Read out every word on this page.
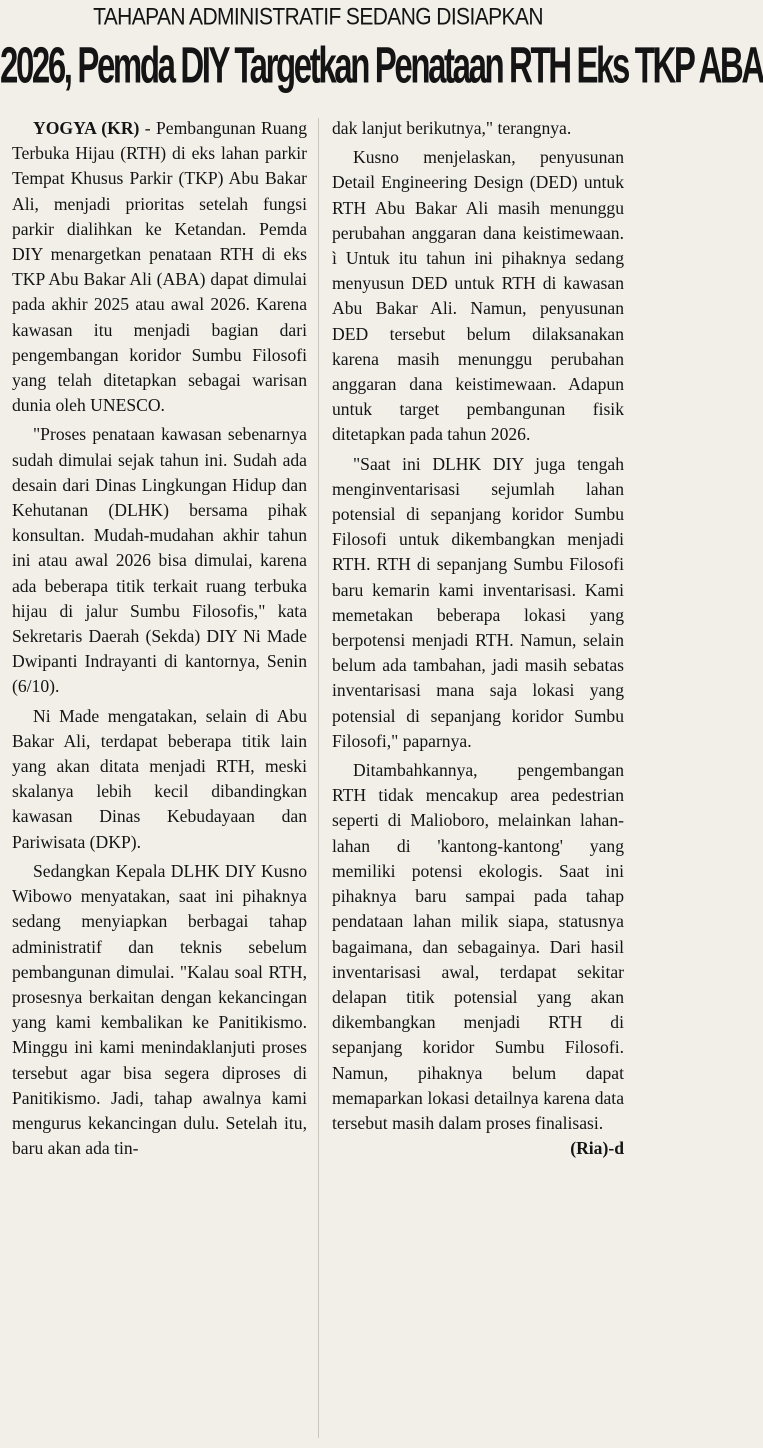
TAHAPAN ADMINISTRATIF SEDANG DISIAPKAN
2026, Pemda DIY Targetkan Penataan RTH Eks TKP ABA

YOGYA (KR) - Pembangunan Ruang Terbuka Hijau (RTH) di eks lahan parkir Tempat Khusus Parkir (TKP) Abu Bakar Ali, menjadi prioritas setelah fungsi parkir dialihkan ke Ketandan. Pemda DIY menargetkan penataan RTH di eks TKP Abu Bakar Ali (ABA) dapat dimulai pada akhir 2025 atau awal 2026. Karena kawasan itu menjadi bagian dari pengembangan koridor Sumbu Filosofi yang telah ditetapkan sebagai warisan dunia oleh UNESCO.

"Proses penataan kawasan sebenarnya sudah dimulai sejak tahun ini. Sudah ada desain dari Dinas Lingkungan Hidup dan Kehutanan (DLHK) bersama pihak konsultan. Mudah-mudahan akhir tahun ini atau awal 2026 bisa dimulai, karena ada beberapa titik terkait ruang terbuka hijau di jalur Sumbu Filosofis," kata Sekretaris Daerah (Sekda) DIY Ni Made Dwipanti Indrayanti di kantornya, Senin (6/10).

Ni Made mengatakan, selain di Abu Bakar Ali, terdapat beberapa titik lain yang akan ditata menjadi RTH, meski skalanya lebih kecil dibandingkan kawasan Dinas Kebudayaan dan Pariwisata (DKP).

Sedangkan Kepala DLHK DIY Kusno Wibowo menyatakan, saat ini pihaknya sedang menyiapkan berbagai tahap administratif dan teknis sebelum pembangunan dimulai. "Kalau soal RTH, prosesnya berkaitan dengan kekancingan yang kami kembalikan ke Panitikismo. Minggu ini kami menindaklanjuti proses tersebut agar bisa segera diproses di Panitikismo. Jadi, tahap awalnya kami mengurus kekancingan dulu. Setelah itu, baru akan ada tin-

dak lanjut berikutnya," terangnya.

Kusno menjelaskan, penyusunan Detail Engineering Design (DED) untuk RTH Abu Bakar Ali masih menunggu perubahan anggaran dana keistimewaan. ì Untuk itu tahun ini pihaknya sedang menyusun DED untuk RTH di kawasan Abu Bakar Ali. Namun, penyusunan DED tersebut belum dilaksanakan karena masih menunggu perubahan anggaran dana keistimewaan. Adapun untuk target pembangunan fisik ditetapkan pada tahun 2026.

"Saat ini DLHK DIY juga tengah menginventarisasi sejumlah lahan potensial di sepanjang koridor Sumbu Filosofi untuk dikembangkan menjadi RTH. RTH di sepanjang Sumbu Filosofi baru kemarin kami inventarisasi. Kami memetakan beberapa lokasi yang berpotensi menjadi RTH. Namun, selain belum ada tambahan, jadi masih sebatas inventarisasi mana saja lokasi yang potensial di sepanjang koridor Sumbu Filosofi," paparnya.

Ditambahkannya, pengembangan RTH tidak mencakup area pedestrian seperti di Malioboro, melainkan lahan-lahan di 'kantong-kantong' yang memiliki potensi ekologis. Saat ini pihaknya baru sampai pada tahap pendataan lahan milik siapa, statusnya bagaimana, dan sebagainya. Dari hasil inventarisasi awal, terdapat sekitar delapan titik potensial yang akan dikembangkan menjadi RTH di sepanjang koridor Sumbu Filosofi. Namun, pihaknya belum dapat memaparkan lokasi detailnya karena data tersebut masih dalam proses finalisasi.
(Ria)-d
